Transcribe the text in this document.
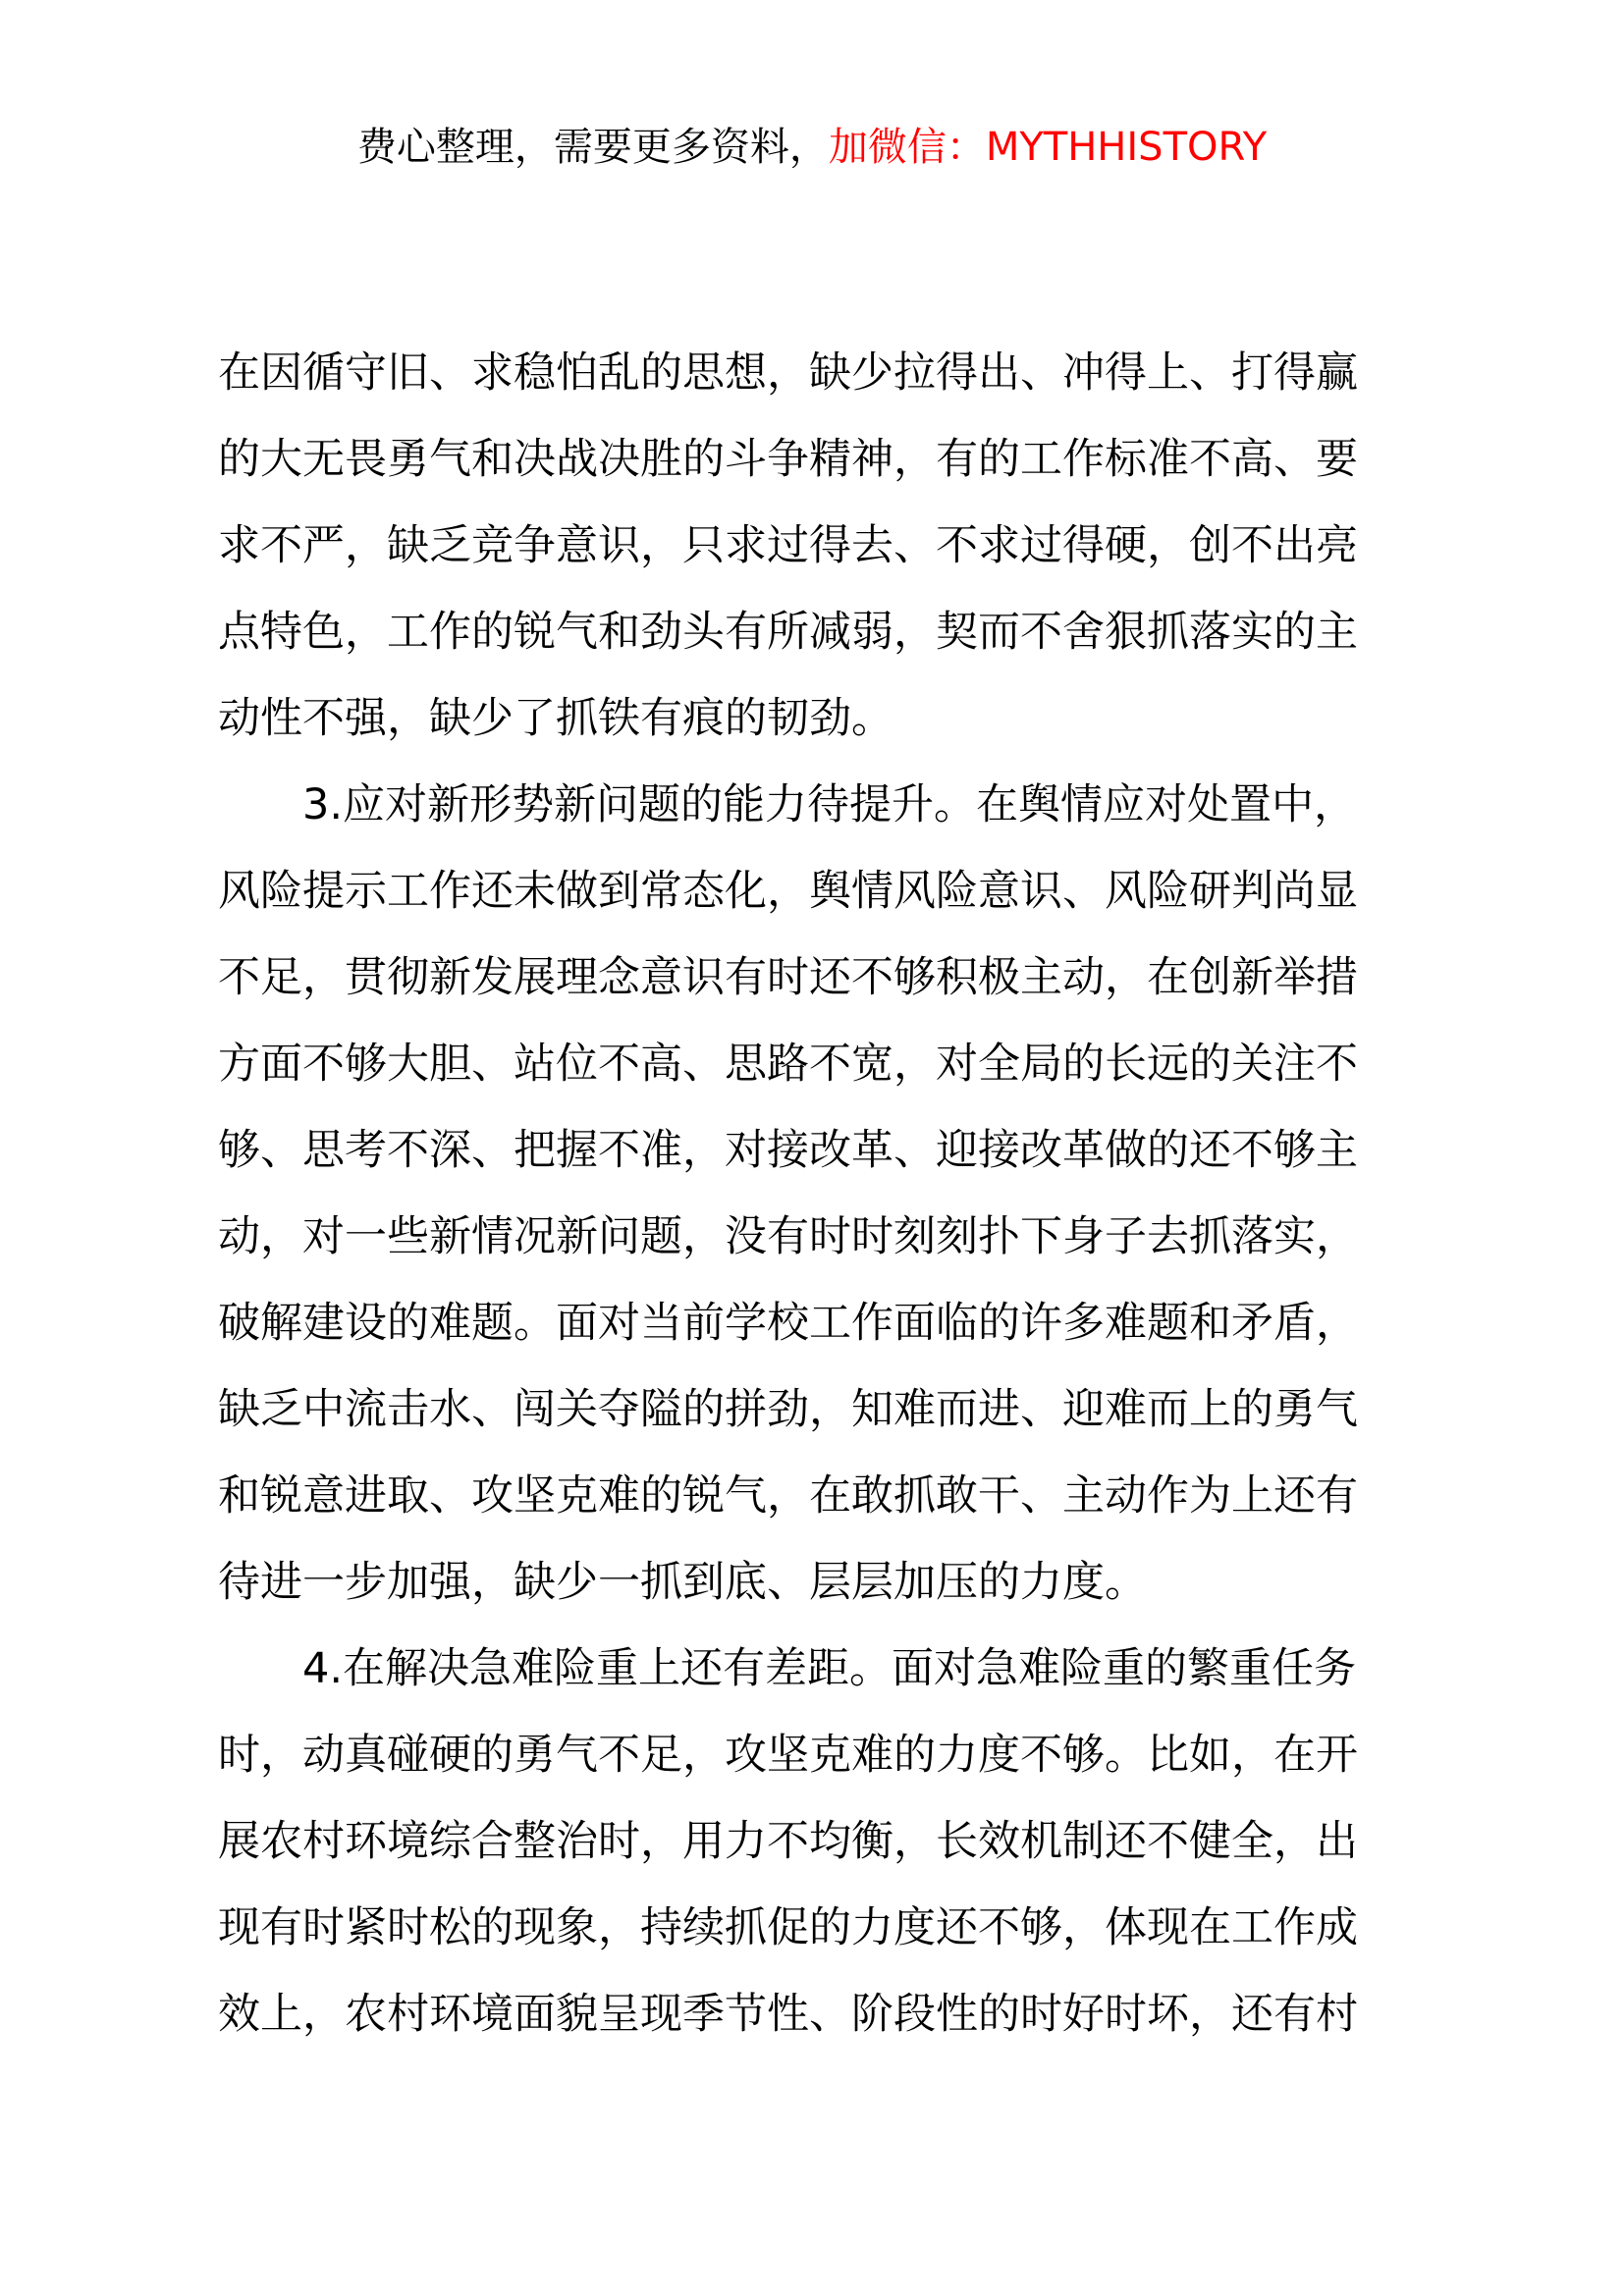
费心整理，需要更多资料，加微信：MYTHHISTORY
在因循守旧、求稳怕乱的思想，缺少拉得出、冲得上、打得赢
的大无畏勇气和决战决胜的斗争精神，有的工作标准不高、要
求不严，缺乏竞争意识，只求过得去、不求过得硬，创不出亮
点特色，工作的锐气和劲头有所减弱，契而不舍狠抓落实的主
动性不强，缺少了抓铁有痕的韧劲。
3.应对新形势新问题的能力待提升。在舆情应对处置中，
风险提示工作还未做到常态化，舆情风险意识、风险研判尚显
不足，贯彻新发展理念意识有时还不够积极主动，在创新举措
方面不够大胆、站位不高、思路不宽，对全局的长远的关注不
够、思考不深、把握不准，对接改革、迎接改革做的还不够主
动，对一些新情况新问题，没有时时刻刻扑下身子去抓落实，
破解建设的难题。面对当前学校工作面临的许多难题和矛盾，
缺乏中流击水、闯关夺隘的拼劲，知难而进、迎难而上的勇气
和锐意进取、攻坚克难的锐气，在敢抓敢干、主动作为上还有
待进一步加强，缺少一抓到底、层层加压的力度。
4.在解决急难险重上还有差距。面对急难险重的繁重任务
时，动真碰硬的勇气不足，攻坚克难的力度不够。比如，在开
展农村环境综合整治时，用力不均衡，长效机制还不健全，出
现有时紧时松的现象，持续抓促的力度还不够，体现在工作成
效上，农村环境面貌呈现季节性、阶段性的时好时坏，还有村
